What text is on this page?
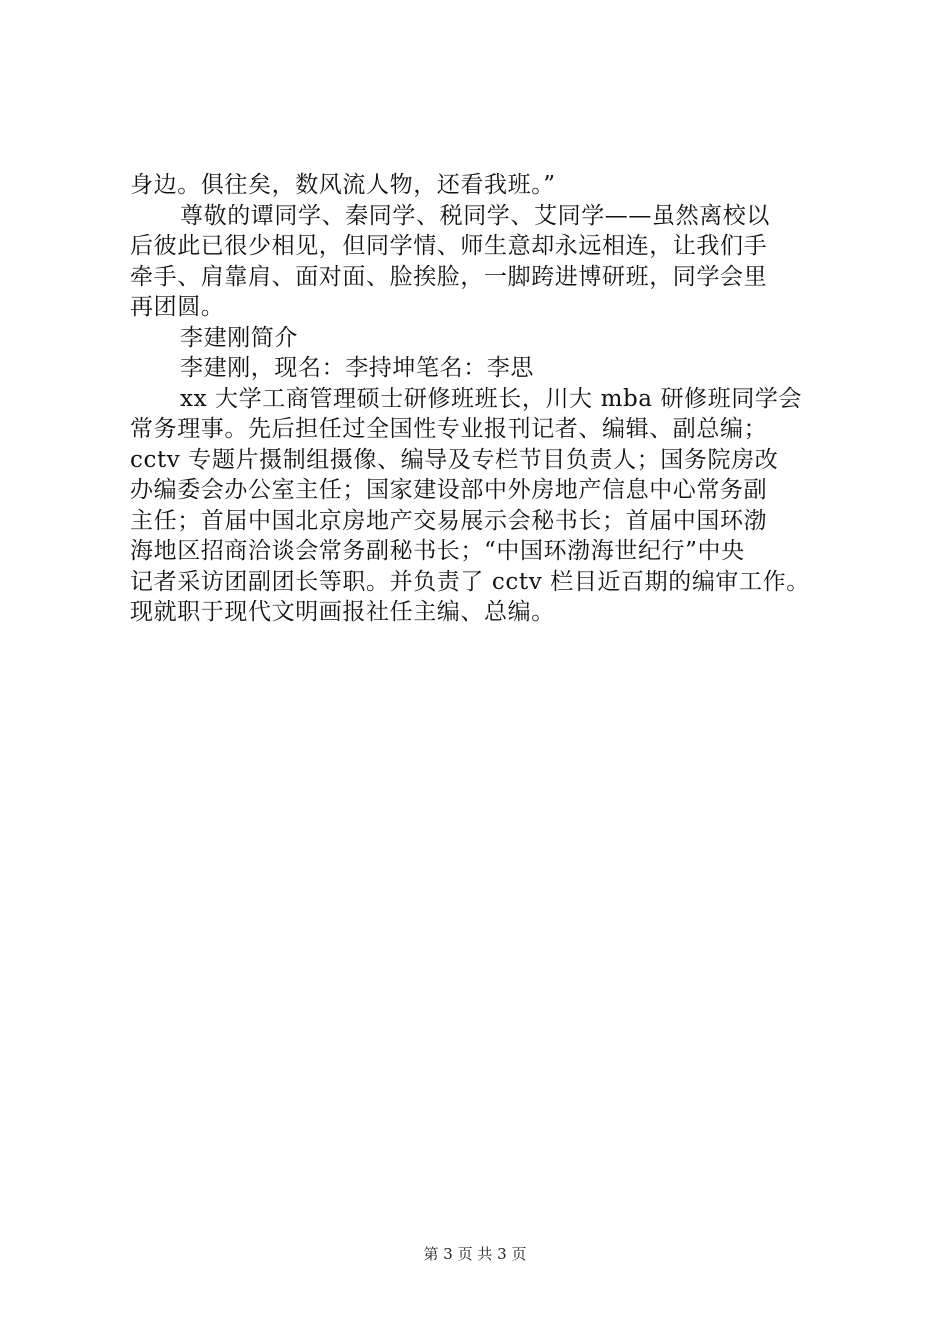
身边。俱往矣，数风流人物，还看我班。”
尊敬的谭同学、秦同学、税同学、艾同学——虽然离校以
后彼此已很少相见，但同学情、师生意却永远相连，让我们手
牵手、肩靠肩、面对面、脸挨脸，一脚跨进博研班，同学会里
再团圆。
李建刚简介
李建刚，现名：李持坤笔名：李思
xx 大学工商管理硕士研修班班长，川大 mba 研修班同学会
常务理事。先后担任过全国性专业报刊记者、编辑、副总编；
cctv 专题片摄制组摄像、编导及专栏节目负责人；国务院房改
办编委会办公室主任；国家建设部中外房地产信息中心常务副
主任；首届中国北京房地产交易展示会秘书长；首届中国环渤
海地区招商洽谈会常务副秘书长；“中国环渤海世纪行”中央
记者采访团副团长等职。并负责了 cctv 栏目近百期的编审工作。
现就职于现代文明画报社任主编、总编。
第 3 页 共 3 页
